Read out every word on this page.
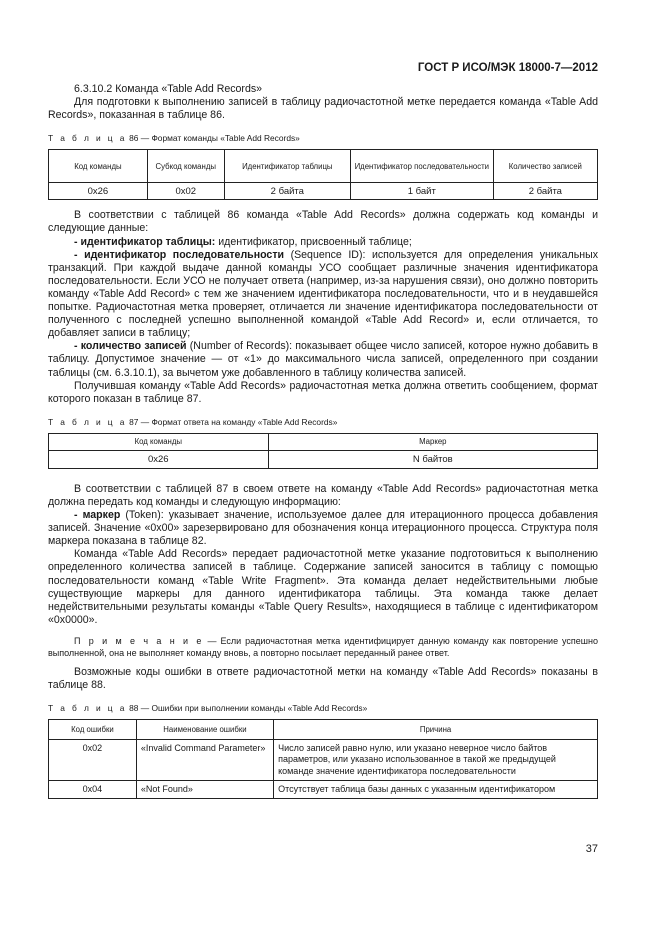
ГОСТ Р ИСО/МЭК 18000-7—2012

6.3.10.2 Команда «Table Add Records»

Для подготовки к выполнению записей в таблицу радиочастотной метке передается команда «Table Add Records», показанная в таблице 86.

Т а б л и ц а 86 — Формат команды «Table Add Records»
Код команды	Субкод команды	Идентификатор таблицы	Идентификатор последовательности	Количество записей
0x26	0x02	2 байта	1 байт	2 байта

В соответствии с таблицей 86 команда «Table Add Records» должна содержать код команды и следующие данные:

- идентификатор таблицы: идентификатор, присвоенный таблице;

- идентификатор последовательности (Sequence ID): используется для определения уникальных транзакций. При каждой выдаче данной команды УСО сообщает различные значения идентификатора последовательности. Если УСО не получает ответа (например, из-за нарушения связи), оно должно повторить команду «Table Add Record» с тем же значением идентификатора последовательности, что и в неудавшейся попытке. Радиочастотная метка проверяет, отличается ли значение идентификатора последовательности от полученного с последней успешно выполненной командой «Table Add Record» и, если отличается, то добавляет записи в таблицу;

- количество записей (Number of Records): показывает общее число записей, которое нужно добавить в таблицу. Допустимое значение — от «1» до максимального числа записей, определенного при создании таблицы (см. 6.3.10.1), за вычетом уже добавленного в таблицу количества записей.

Получившая команду «Table Add Records» радиочастотная метка должна ответить сообщением, формат которого показан в таблице 87.

Т а б л и ц а 87 — Формат ответа на команду «Table Add Records»
Код команды	Маркер
0x26	N байтов

В соответствии с таблицей 87 в своем ответе на команду «Table Add Records» радиочастотная метка должна передать код команды и следующую информацию:

- маркер (Token): указывает значение, используемое далее для итерационного процесса добавления записей. Значение «0x00» зарезервировано для обозначения конца итерационного процесса. Структура поля маркера показана в таблице 82.

Команда «Table Add Records» передает радиочастотной метке указание подготовиться к выполнению определенного количества записей в таблице. Содержание записей заносится в таблицу с помощью последовательности команд «Table Write Fragment». Эта команда делает недействительными любые существующие маркеры для данного идентификатора таблицы. Эта команда также делает недействительными результаты команды «Table Query Results», находящиеся в таблице с идентификатором «0x0000».

П р и м е ч а н и е — Если радиочастотная метка идентифицирует данную команду как повторение успешно выполненной, она не выполняет команду вновь, а повторно посылает переданный ранее ответ.

Возможные коды ошибки в ответе радиочастотной метки на команду «Table Add Records» показаны в таблице 88.

Т а б л и ц а 88 — Ошибки при выполнении команды «Table Add Records»
Код ошибки	Наименование ошибки	Причина
0x02	«Invalid Command Parameter»	Число записей равно нулю, или указано неверное число байтов параметров, или указано использованное в такой же предыдущей команде значение идентификатора последовательности
0x04	«Not Found»	Отсутствует таблица базы данных с указанным идентификатором
37
